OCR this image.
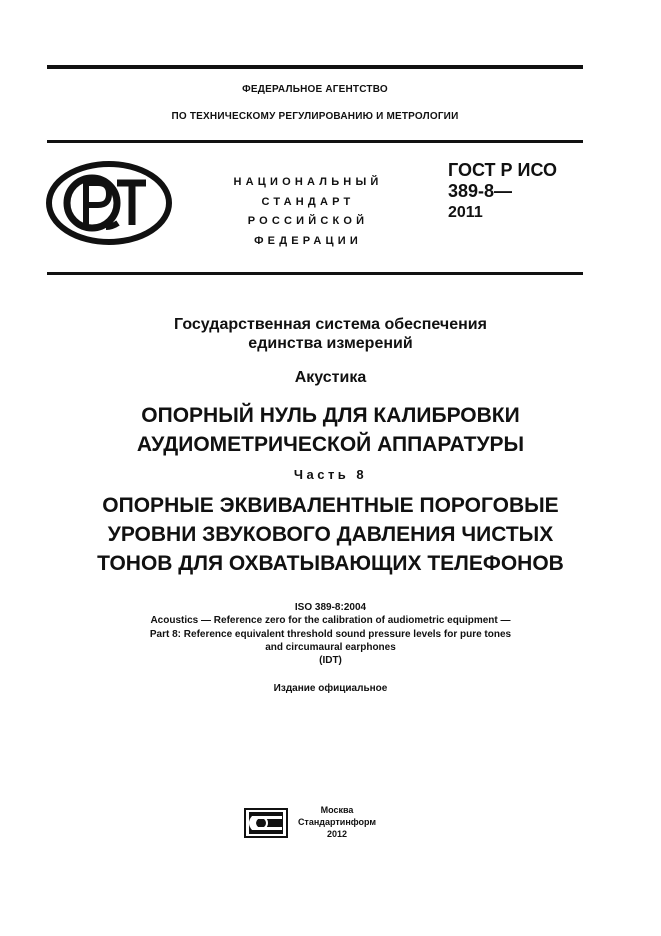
ФЕДЕРАЛЬНОЕ АГЕНТСТВО
ПО ТЕХНИЧЕСКОМУ РЕГУЛИРОВАНИЮ И МЕТРОЛОГИИ
НАЦИОНАЛЬНЫЙ
СТАНДАРТ
РОССИЙСКОЙ
ФЕДЕРАЦИИ
ГОСТ Р ИСО
389-8—
2011
Государственная система обеспечения
единства измерений
Акустика
ОПОРНЫЙ НУЛЬ ДЛЯ КАЛИБРОВКИ
АУДИОМЕТРИЧЕСКОЙ АППАРАТУРЫ
Часть 8
ОПОРНЫЕ ЭКВИВАЛЕНТНЫЕ ПОРОГОВЫЕ
УРОВНИ ЗВУКОВОГО ДАВЛЕНИЯ ЧИСТЫХ
ТОНОВ ДЛЯ ОХВАТЫВАЮЩИХ ТЕЛЕФОНОВ
ISO 389-8:2004
Acoustics — Reference zero for the calibration of audiometric equipment —
Part 8: Reference equivalent threshold sound pressure levels for pure tones
and circumaural earphones
(IDT)
Издание официальное
Москва
Стандартинформ
2012
